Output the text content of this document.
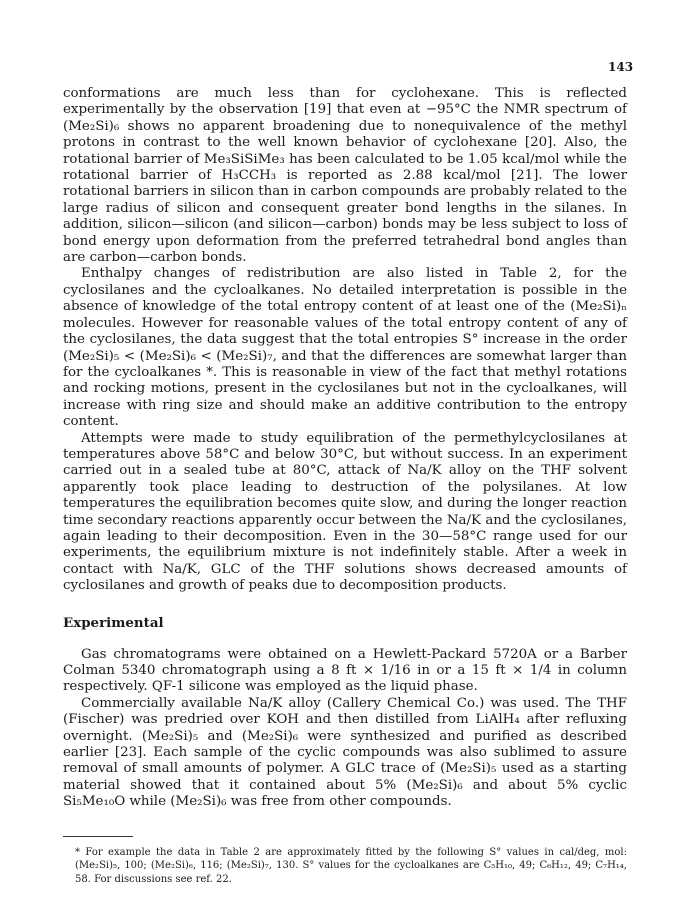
143

conformations are much less than for cyclohexane. This is reflected experimentally by the observation [19] that even at −95°C the NMR spectrum of (Me₂Si)₆ shows no apparent broadening due to nonequivalence of the methyl protons in contrast to the well known behavior of cyclohexane [20]. Also, the rotational barrier of Me₃SiSiMe₃ has been calculated to be 1.05 kcal/mol while the rotational barrier of H₃CCH₃ is reported as 2.88 kcal/mol [21]. The lower rotational barriers in silicon than in carbon compounds are probably related to the large radius of silicon and consequent greater bond lengths in the silanes. In addition, silicon—silicon (and silicon—carbon) bonds may be less subject to loss of bond energy upon deformation from the preferred tetrahedral bond angles than are carbon—carbon bonds.

Enthalpy changes of redistribution are also listed in Table 2, for the cyclosilanes and the cycloalkanes. No detailed interpretation is possible in the absence of knowledge of the total entropy content of at least one of the (Me₂Si)ₙ molecules. However for reasonable values of the total entropy content of any of the cyclosilanes, the data suggest that the total entropies S° increase in the order (Me₂Si)₅ < (Me₂Si)₆ < (Me₂Si)₇, and that the differences are somewhat larger than for the cycloalkanes *. This is reasonable in view of the fact that methyl rotations and rocking motions, present in the cyclosilanes but not in the cycloalkanes, will increase with ring size and should make an additive contribution to the entropy content.

Attempts were made to study equilibration of the permethylcyclosilanes at temperatures above 58°C and below 30°C, but without success. In an experiment carried out in a sealed tube at 80°C, attack of Na/K alloy on the THF solvent apparently took place leading to destruction of the polysilanes. At low temperatures the equilibration becomes quite slow, and during the longer reaction time secondary reactions apparently occur between the Na/K and the cyclosilanes, again leading to their decomposition. Even in the 30—58°C range used for our experiments, the equilibrium mixture is not indefinitely stable. After a week in contact with Na/K, GLC of the THF solutions shows decreased amounts of cyclosilanes and growth of peaks due to decomposition products.

Experimental

Gas chromatograms were obtained on a Hewlett-Packard 5720A or a Barber Colman 5340 chromatograph using a 8 ft × 1/16 in or a 15 ft × 1/4 in column respectively. QF-1 silicone was employed as the liquid phase.

Commercially available Na/K alloy (Callery Chemical Co.) was used. The THF (Fischer) was predried over KOH and then distilled from LiAlH₄ after refluxing overnight. (Me₂Si)₅ and (Me₂Si)₆ were synthesized and purified as described earlier [23]. Each sample of the cyclic compounds was also sublimed to assure removal of small amounts of polymer. A GLC trace of (Me₂Si)₅ used as a starting material showed that it contained about 5% (Me₂Si)₆ and about 5% cyclic Si₅Me₁₀O while (Me₂Si)₆ was free from other compounds.

* For example the data in Table 2 are approximately fitted by the following S° values in cal/deg, mol: (Me₂Si)₅, 100; (Me₂Si)₆, 116; (Me₂Si)₇, 130. S° values for the cycloalkanes are C₅H₁₀, 49; C₆H₁₂, 49; C₇H₁₄, 58. For discussions see ref. 22.
